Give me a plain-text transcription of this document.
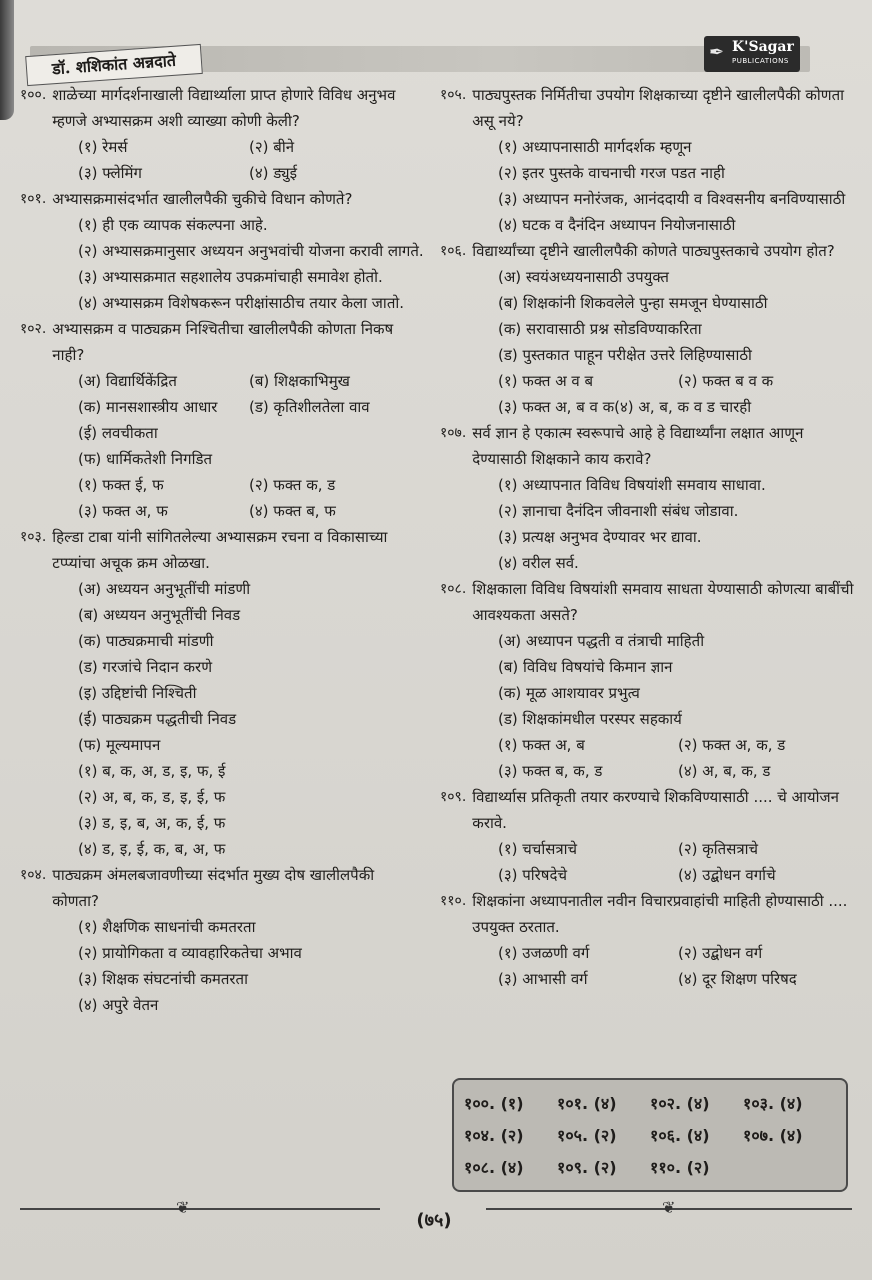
डॉ. शशिकांत अन्नदाते	✒ K'Sagar
PUBLICATIONS
१००. शाळेच्या मार्गदर्शनाखाली विद्यार्थ्याला प्राप्त होणारे विविध अनुभव म्हणजे अभ्यासक्रम अशी व्याख्या कोणी केली?
(१) रेमर्स	(२) बीने
(३) फ्लेमिंग	(४) ड्युई
१०१. अभ्यासक्रमासंदर्भात खालीलपैकी चुकीचे विधान कोणते?
(१) ही एक व्यापक संकल्पना आहे.
(२) अभ्यासक्रमानुसार अध्ययन अनुभवांची योजना करावी लागते.
(३) अभ्यासक्रमात सहशालेय उपक्रमांचाही समावेश होतो.
(४) अभ्यासक्रम विशेषकरून परीक्षांसाठीच तयार केला जातो.
१०२. अभ्यासक्रम व पाठ्यक्रम निश्चितीचा खालीलपैकी कोणता निकष नाही?
(अ) विद्यार्थिकेंद्रित	(ब) शिक्षकाभिमुख
(क) मानसशास्त्रीय आधार	(ड) कृतिशीलतेला वाव
(ई) लवचीकता
(फ) धार्मिकतेशी निगडित
(१) फक्त ई, फ	(२) फक्त क, ड
(३) फक्त अ, फ	(४) फक्त ब, फ
१०३. हिल्डा टाबा यांनी सांगितलेल्या अभ्यासक्रम रचना व विकासाच्या टप्प्यांचा अचूक क्रम ओळखा.
(अ) अध्ययन अनुभूतींची मांडणी
(ब) अध्ययन अनुभूतींची निवड
(क) पाठ्यक्रमाची मांडणी
(ड) गरजांचे निदान करणे
(इ) उद्दिष्टांची निश्चिती
(ई) पाठ्यक्रम पद्धतीची निवड
(फ) मूल्यमापन
(१) ब, क, अ, ड, इ, फ, ई
(२) अ, ब, क, ड, इ, ई, फ
(३) ड, इ, ब, अ, क, ई, फ
(४) ड, इ, ई, क, ब, अ, फ
१०४. पाठ्यक्रम अंमलबजावणीच्या संदर्भात मुख्य दोष खालीलपैकी कोणता?
(१) शैक्षणिक साधनांची कमतरता
(२) प्रायोगिकता व व्यावहारिकतेचा अभाव
(३) शिक्षक संघटनांची कमतरता
(४) अपुरे वेतन
१०५. पाठ्यपुस्तक निर्मितीचा उपयोग शिक्षकाच्या दृष्टीने खालीलपैकी कोणता असू नये?
(१) अध्यापनासाठी मार्गदर्शक म्हणून
(२) इतर पुस्तके वाचनाची गरज पडत नाही
(३) अध्यापन मनोरंजक, आनंददायी व विश्वसनीय बनविण्यासाठी
(४) घटक व दैनंदिन अध्यापन नियोजनासाठी
१०६. विद्यार्थ्यांच्या दृष्टीने खालीलपैकी कोणते पाठ्यपुस्तकाचे उपयोग होत?
(अ) स्वयंअध्ययनासाठी उपयुक्त
(ब) शिक्षकांनी शिकवलेले पुन्हा समजून घेण्यासाठी
(क) सरावासाठी प्रश्न सोडविण्याकरिता
(ड) पुस्तकात पाहून परीक्षेत उत्तरे लिहिण्यासाठी
(१) फक्त अ व ब	(२) फक्त ब व क
(३) फक्त अ, ब व क(४) अ, ब, क व ड चारही
१०७. सर्व ज्ञान हे एकात्म स्वरूपाचे आहे हे विद्यार्थ्यांना लक्षात आणून देण्यासाठी शिक्षकाने काय करावे?
(१) अध्यापनात विविध विषयांशी समवाय साधावा.
(२) ज्ञानाचा दैनंदिन जीवनाशी संबंध जोडावा.
(३) प्रत्यक्ष अनुभव देण्यावर भर द्यावा.
(४) वरील सर्व.
१०८. शिक्षकाला विविध विषयांशी समवाय साधता येण्यासाठी कोणत्या बाबींची आवश्यकता असते?
(अ) अध्यापन पद्धती व तंत्राची माहिती
(ब) विविध विषयांचे किमान ज्ञान
(क) मूळ आशयावर प्रभुत्व
(ड) शिक्षकांमधील परस्पर सहकार्य
(१) फक्त अ, ब	(२) फक्त अ, क, ड
(३) फक्त ब, क, ड	(४) अ, ब, क, ड
१०९. विद्यार्थ्यास प्रतिकृती तयार करण्याचे शिकविण्यासाठी .... चे आयोजन करावे.
(१) चर्चासत्राचे	(२) कृतिसत्राचे
(३) परिषदेचे	(४) उद्बोधन वर्गाचे
११०. शिक्षकांना अध्यापनातील नवीन विचारप्रवाहांची माहिती होण्यासाठी .... उपयुक्त ठरतात.
(१) उजळणी वर्ग	(२) उद्बोधन वर्ग
(३) आभासी वर्ग	(४) दूर शिक्षण परिषद
१००. (१)	१०१. (४)	१०२. (४)	१०३. (४)
१०४. (२)	१०५. (२)	१०६. (४)	१०७. (४)
१०८. (४)	१०९. (२)	११०. (२)
❦
(७५)
❦
